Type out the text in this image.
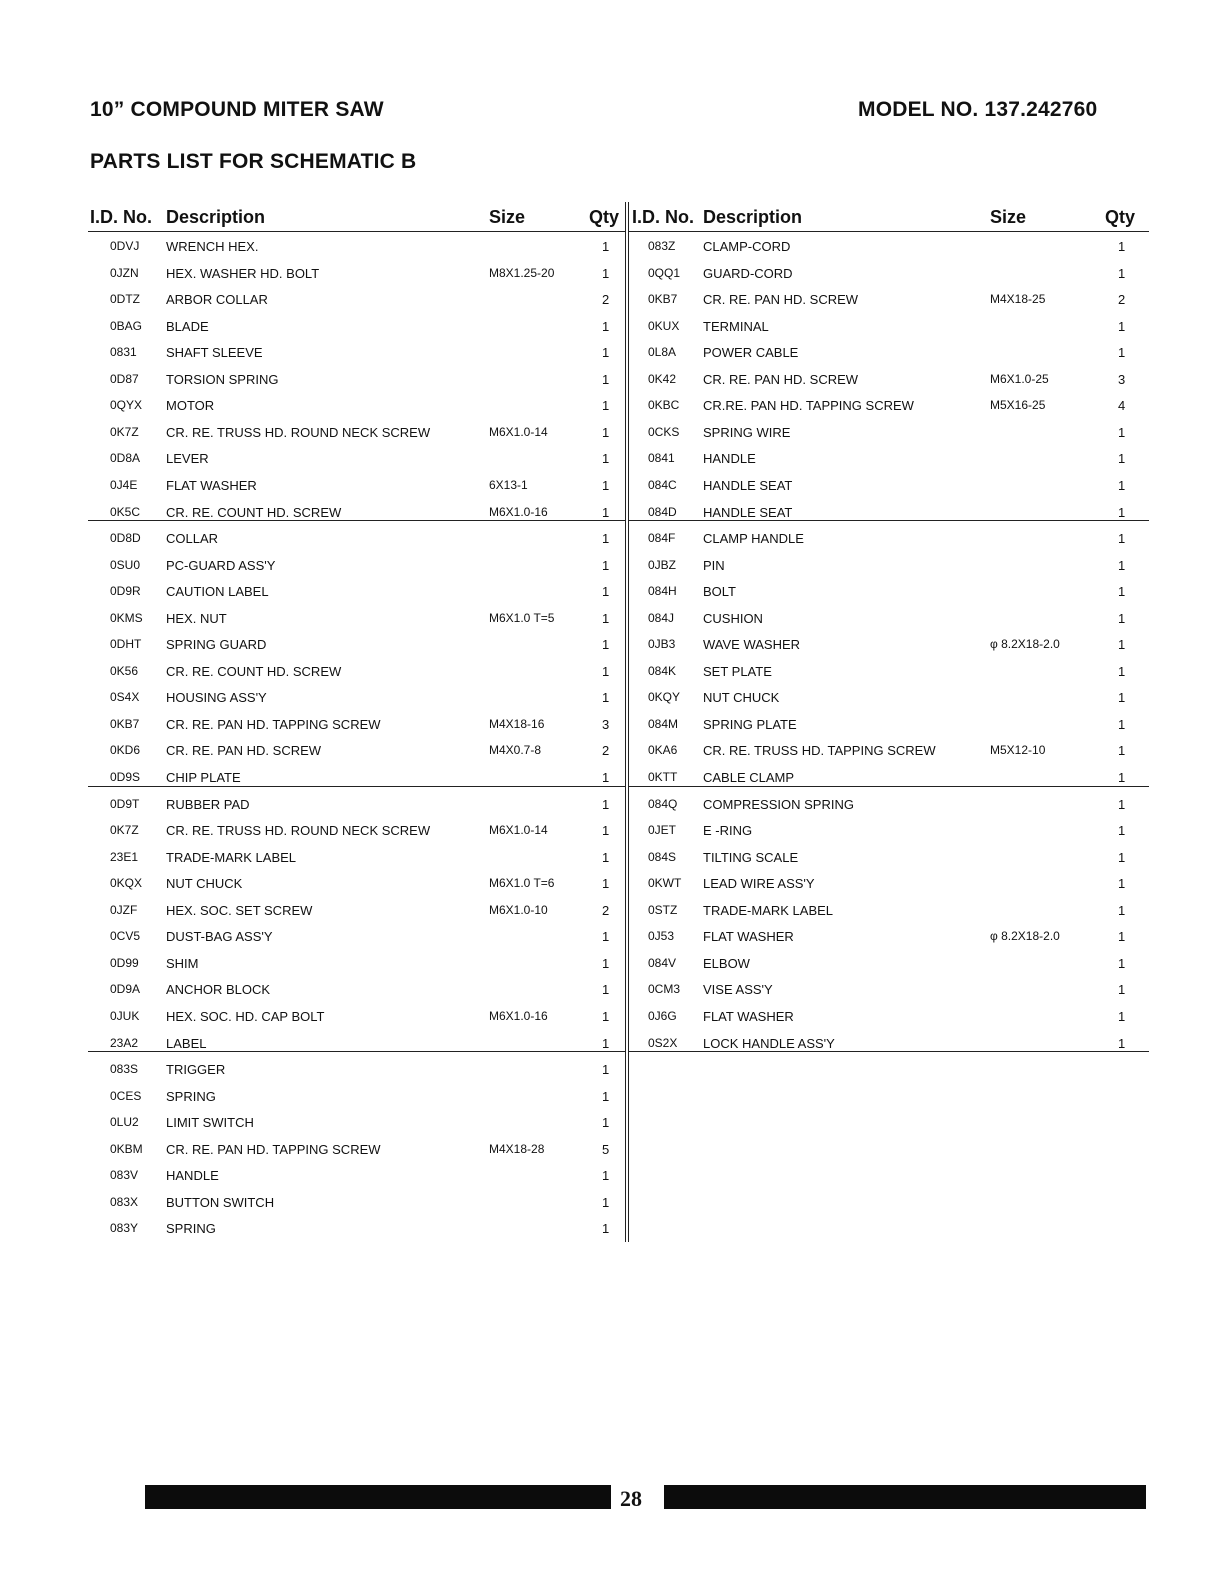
10” COMPOUND MITER SAW	MODEL NO. 137.242760
PARTS LIST FOR SCHEMATIC B
I.D. No. Description	Size	Qty I.D. No. Description	Size	Qty
0DVJ WRENCH HEX.	1
0JZN HEX. WASHER HD. BOLT	M8X1.25-20	1
0DTZ ARBOR COLLAR	2
0BAG BLADE	1
0831 SHAFT SLEEVE	1
0D87 TORSION SPRING	1
0QYX MOTOR	1
0K7Z CR. RE. TRUSS HD. ROUND NECK SCREW	M6X1.0-14	1
0D8A LEVER	1
0J4E FLAT WASHER	6X13-1	1
0K5C CR. RE. COUNT HD. SCREW	M6X1.0-16	1
0D8D COLLAR	1
0SU0 PC-GUARD ASS'Y	1
0D9R CAUTION LABEL	1
0KMS HEX. NUT	M6X1.0 T=5	1
0DHT SPRING GUARD	1
0K56 CR. RE. COUNT HD. SCREW	1
0S4X HOUSING ASS'Y	1
0KB7 CR. RE. PAN HD. TAPPING SCREW	M4X18-16	3
0KD6 CR. RE. PAN HD. SCREW	M4X0.7-8	2
0D9S CHIP PLATE	1
0D9T RUBBER PAD	1
0K7Z CR. RE. TRUSS HD. ROUND NECK SCREW	M6X1.0-14	1
23E1 TRADE-MARK LABEL	1
0KQX NUT CHUCK	M6X1.0 T=6	1
0JZF HEX. SOC. SET SCREW	M6X1.0-10	2
0CV5 DUST-BAG ASS'Y	1
0D99 SHIM	1
0D9A ANCHOR BLOCK	1
0JUK HEX. SOC. HD. CAP BOLT	M6X1.0-16	1
23A2 LABEL	1
083S TRIGGER	1
0CES SPRING	1
0LU2 LIMIT SWITCH	1
0KBM CR. RE. PAN HD. TAPPING SCREW	M4X18-28	5
083V HANDLE	1
083X BUTTON SWITCH	1
083Y SPRING	1
083Z CLAMP-CORD	1
0QQ1 GUARD-CORD	1
0KB7 CR. RE. PAN HD. SCREW	M4X18-25	2
0KUX TERMINAL	1
0L8A POWER CABLE	1
0K42 CR. RE. PAN HD. SCREW	M6X1.0-25	3
0KBC CR.RE. PAN HD. TAPPING SCREW	M5X16-25	4
0CKS SPRING WIRE	1
0841 HANDLE	1
084C HANDLE SEAT	1
084D HANDLE SEAT	1
084F CLAMP HANDLE	1
0JBZ PIN	1
084H BOLT	1
084J CUSHION	1
0JB3 WAVE WASHER	φ 8.2X18-2.0	1
084K SET PLATE	1
0KQY NUT CHUCK	1
084M SPRING PLATE	1
0KA6 CR. RE. TRUSS HD. TAPPING SCREW	M5X12-10	1
0KTT CABLE CLAMP	1
084Q COMPRESSION SPRING	1
0JET E -RING	1
084S TILTING SCALE	1
0KWT LEAD WIRE ASS'Y	1
0STZ TRADE-MARK LABEL	1
0J53 FLAT WASHER	φ 8.2X18-2.0	1
084V ELBOW	1
0CM3 VISE ASS'Y	1
0J6G FLAT WASHER	1
0S2X LOCK HANDLE ASS'Y	1
28
